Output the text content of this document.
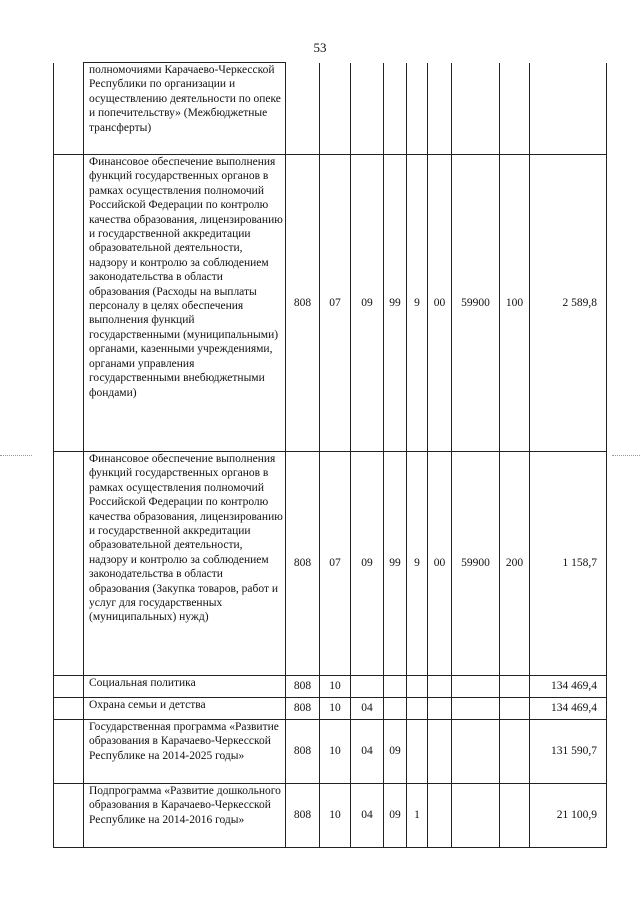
53
	полномочиями Карачаево-Черкесской Республики по организации и осуществлению деятельности по опеке и попечительству» (Межбюджетные трансферты)									
	Финансовое обеспечение выполнения функций государственных органов в рамках осуществления полномочий Российской Федерации по контролю качества образования, лицензированию и государственной аккредитации образовательной деятельности, надзору и контролю за соблюдением законодательства в области образования (Расходы на выплаты персоналу в целях обеспечения выполнения функций государственными (муниципальными) органами, казенными учреждениями, органами управления государственными внебюджетными фондами)	808	07	09	99	9	00	59900	100	2 589,8
	Финансовое обеспечение выполнения функций государственных органов в рамках осуществления полномочий Российской Федерации по контролю качества образования, лицензированию и государственной аккредитации образовательной деятельности, надзору и контролю за соблюдением законодательства в области образования (Закупка товаров, работ и услуг для государственных (муниципальных) нужд)	808	07	09	99	9	00	59900	200	1 158,7
	Социальная политика	808	10							134 469,4
	Охрана семьи и детства	808	10	04						134 469,4
	Государственная программа «Развитие образования в Карачаево-Черкесской Республике на 2014-2025 годы»	808	10	04	09					131 590,7
	Подпрограмма «Развитие дошкольного образования в Карачаево-Черкесской Республике на 2014-2016 годы»	808	10	04	09	1				21 100,9
